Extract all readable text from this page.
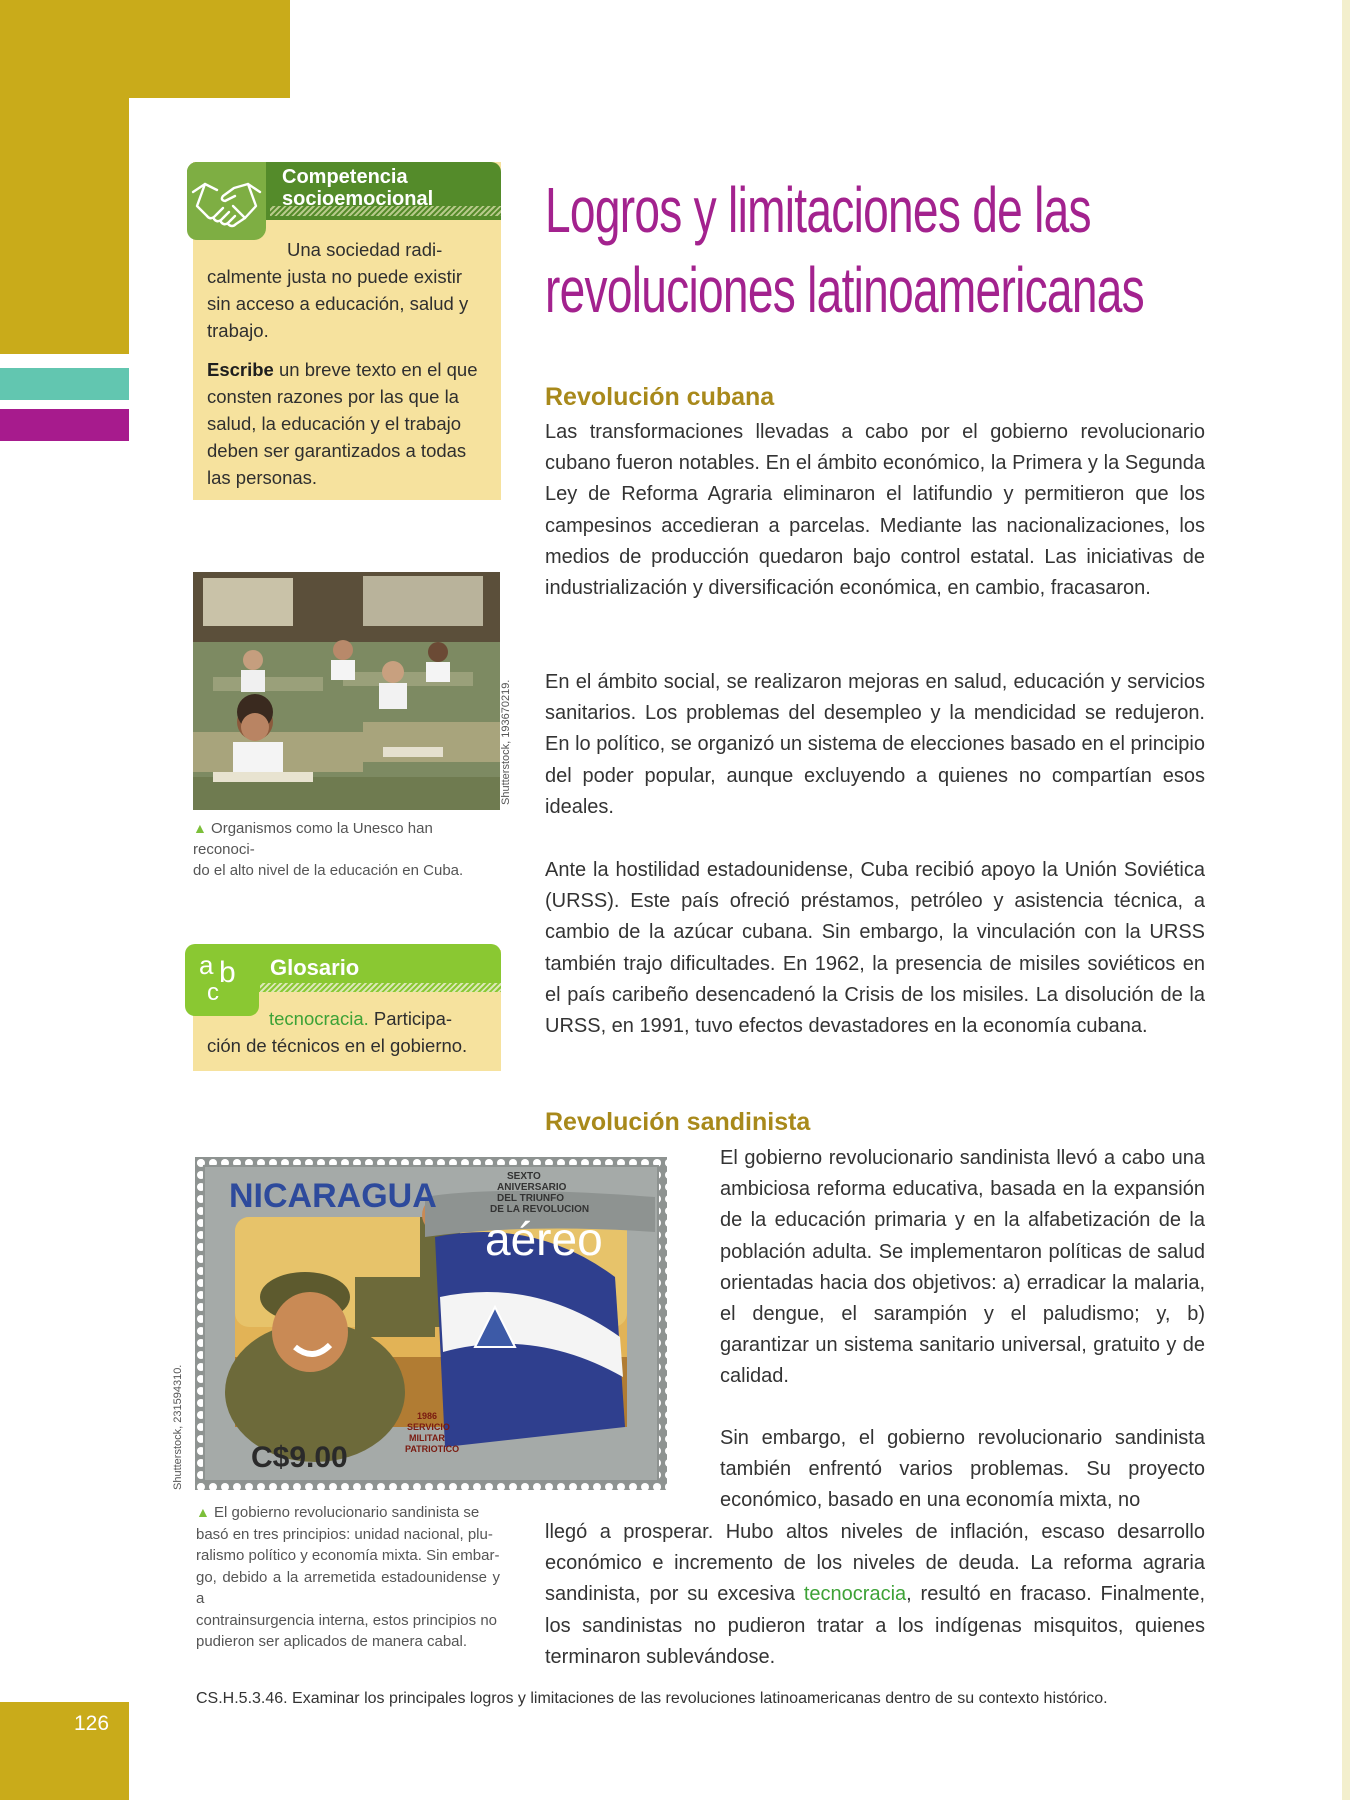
126
Competencia
socioemocional

Una sociedad radi-
calmente justa no puede existir
sin acceso a educación, salud y
trabajo.

Escribe un breve texto en el que
consten razones por las que la
salud, la educación y el trabajo
deben ser garantizados a todas
las personas.

Shutterstock, 193670219.
▲ Organismos como la Unesco han reconoci-
do el alto nivel de la educación en Cuba.
a b
c
Glosario
tecnocracia. Participa-
ción de técnicos en el gobierno.
Logros y limitaciones de las
revoluciones latinoamericanas
Revolución cubana

Las transformaciones llevadas a cabo por el gobierno revolucionario cubano fueron notables. En el ámbito económico, la Primera y la Segunda Ley de Reforma Agraria eliminaron el latifundio y permitieron que los campesinos accedieran a parcelas. Mediante las nacionalizaciones, los medios de producción quedaron bajo control estatal. Las iniciativas de industrialización y diversificación económica, en cambio, fracasaron.

En el ámbito social, se realizaron mejoras en salud, educación y servicios sanitarios. Los problemas del desempleo y la mendicidad se redujeron. En lo político, se organizó un sistema de elecciones basado en el principio del poder popular, aunque excluyendo a quienes no compartían esos ideales.

Ante la hostilidad estadounidense, Cuba recibió apoyo la Unión Soviética (URSS). Este país ofreció préstamos, petróleo y asistencia técnica, a cambio de la azúcar cubana. Sin embargo, la vinculación con la URSS también trajo dificultades. En 1962, la presencia de misiles soviéticos en el país caribeño desencadenó la Crisis de los misiles. La disolución de la URSS, en 1991, tuvo efectos devastadores en la economía cubana.

Revolución sandinista

El gobierno revolucionario sandinista llevó a cabo una ambiciosa reforma educativa, basada en la expansión de la educación primaria y en la alfabetización de la población adulta. Se implementaron políticas de salud orientadas hacia dos objetivos: a) erradicar la malaria, el dengue, el sarampión y el paludismo; y, b) garantizar un sistema sanitario universal, gratuito y de calidad.

Sin embargo, el gobierno revolucionario sandinista también enfrentó varios problemas. Su proyecto económico, basado en una economía mixta, no

llegó a prosperar. Hubo altos niveles de inflación, escaso desarrollo económico e incremento de los niveles de deuda. La reforma agraria sandinista, por su excesiva tecnocracia, resultó en fracaso. Finalmente, los sandinistas no pudieron tratar a los indígenas misquitos, quienes terminaron sublevándose.

NICARAGUA
SEXTO
ANIVERSARIO
DEL TRIUNFO
DE LA REVOLUCION
aéreo
C$9.00
1986
SERVICIO
MILITAR
PATRIOTICO
Shutterstock, 231594310.
▲ El gobierno revolucionario sandinista se
basó en tres principios: unidad nacional, plu-
ralismo político y economía mixta. Sin embar-
go, debido a la arremetida estadounidense y a
contrainsurgencia interna, estos principios no
pudieron ser aplicados de manera cabal.
CS.H.5.3.46. Examinar los principales logros y limitaciones de las revoluciones latinoamericanas dentro de su contexto histórico.
